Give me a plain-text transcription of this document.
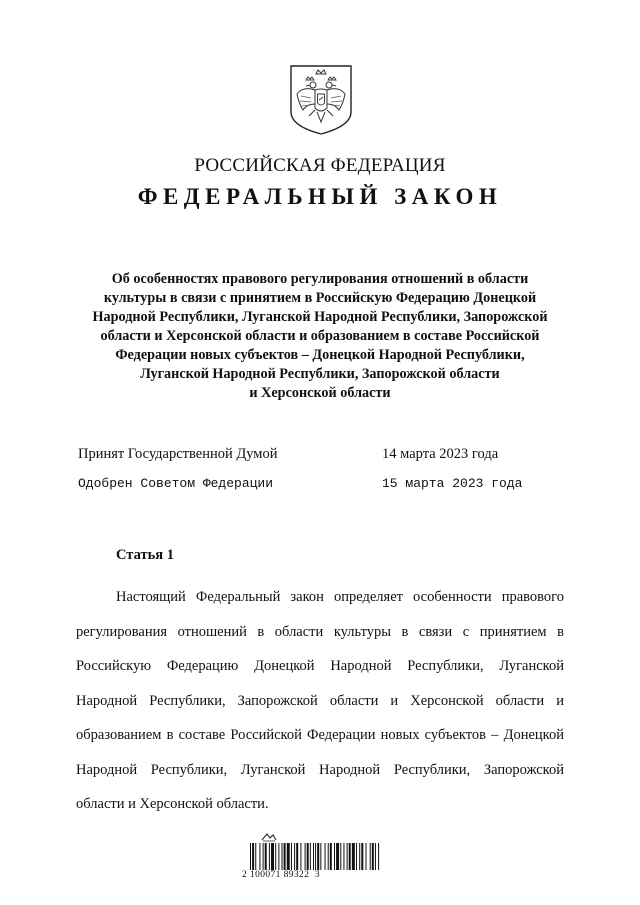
РОССИЙСКАЯ ФЕДЕРАЦИЯ
ФЕДЕРАЛЬНЫЙ ЗАКОН
Об особенностях правового регулирования отношений в области
культуры в связи с принятием в Российскую Федерацию Донецкой
Народной Республики, Луганской Народной Республики, Запорожской
области и Херсонской области и образованием в составе Российской
Федерации новых субъектов – Донецкой Народной Республики,
Луганской Народной Республики, Запорожской области
и Херсонской области
Принят Государственной Думой	14 марта 2023 года
Одобрен Советом Федерации	15 марта 2023 года
Статья 1

Настоящий Федеральный закон определяет особенности правового регулирования отношений в области культуры в связи с принятием в Российскую Федерацию Донецкой Народной Республики, Луганской Народной Республики, Запорожской области и Херсонской области и образованием в составе Российской Федерации новых субъектов – Донецкой Народной Республики, Луганской Народной Республики, Запорожской области и Херсонской области.

2 100071 89322  3
